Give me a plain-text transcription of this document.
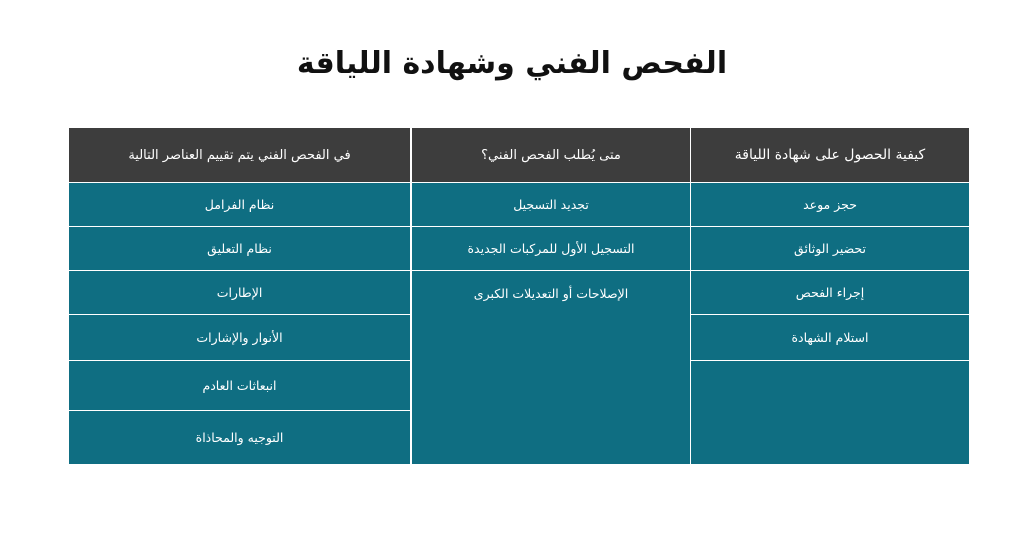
الفحص الفني وشهادة اللياقة
كيفية الحصول على شهادة اللياقة
حجز موعد
تحضير الوثائق
إجراء الفحص
استلام الشهادة
متى يُطلب الفحص الفني؟
تجديد التسجيل
التسجيل الأول للمركبات الجديدة
الإصلاحات أو التعديلات الكبرى
في الفحص الفني يتم تقييم العناصر التالية
نظام الفرامل
نظام التعليق
الإطارات
الأنوار والإشارات
انبعاثات العادم
التوجيه والمحاذاة
